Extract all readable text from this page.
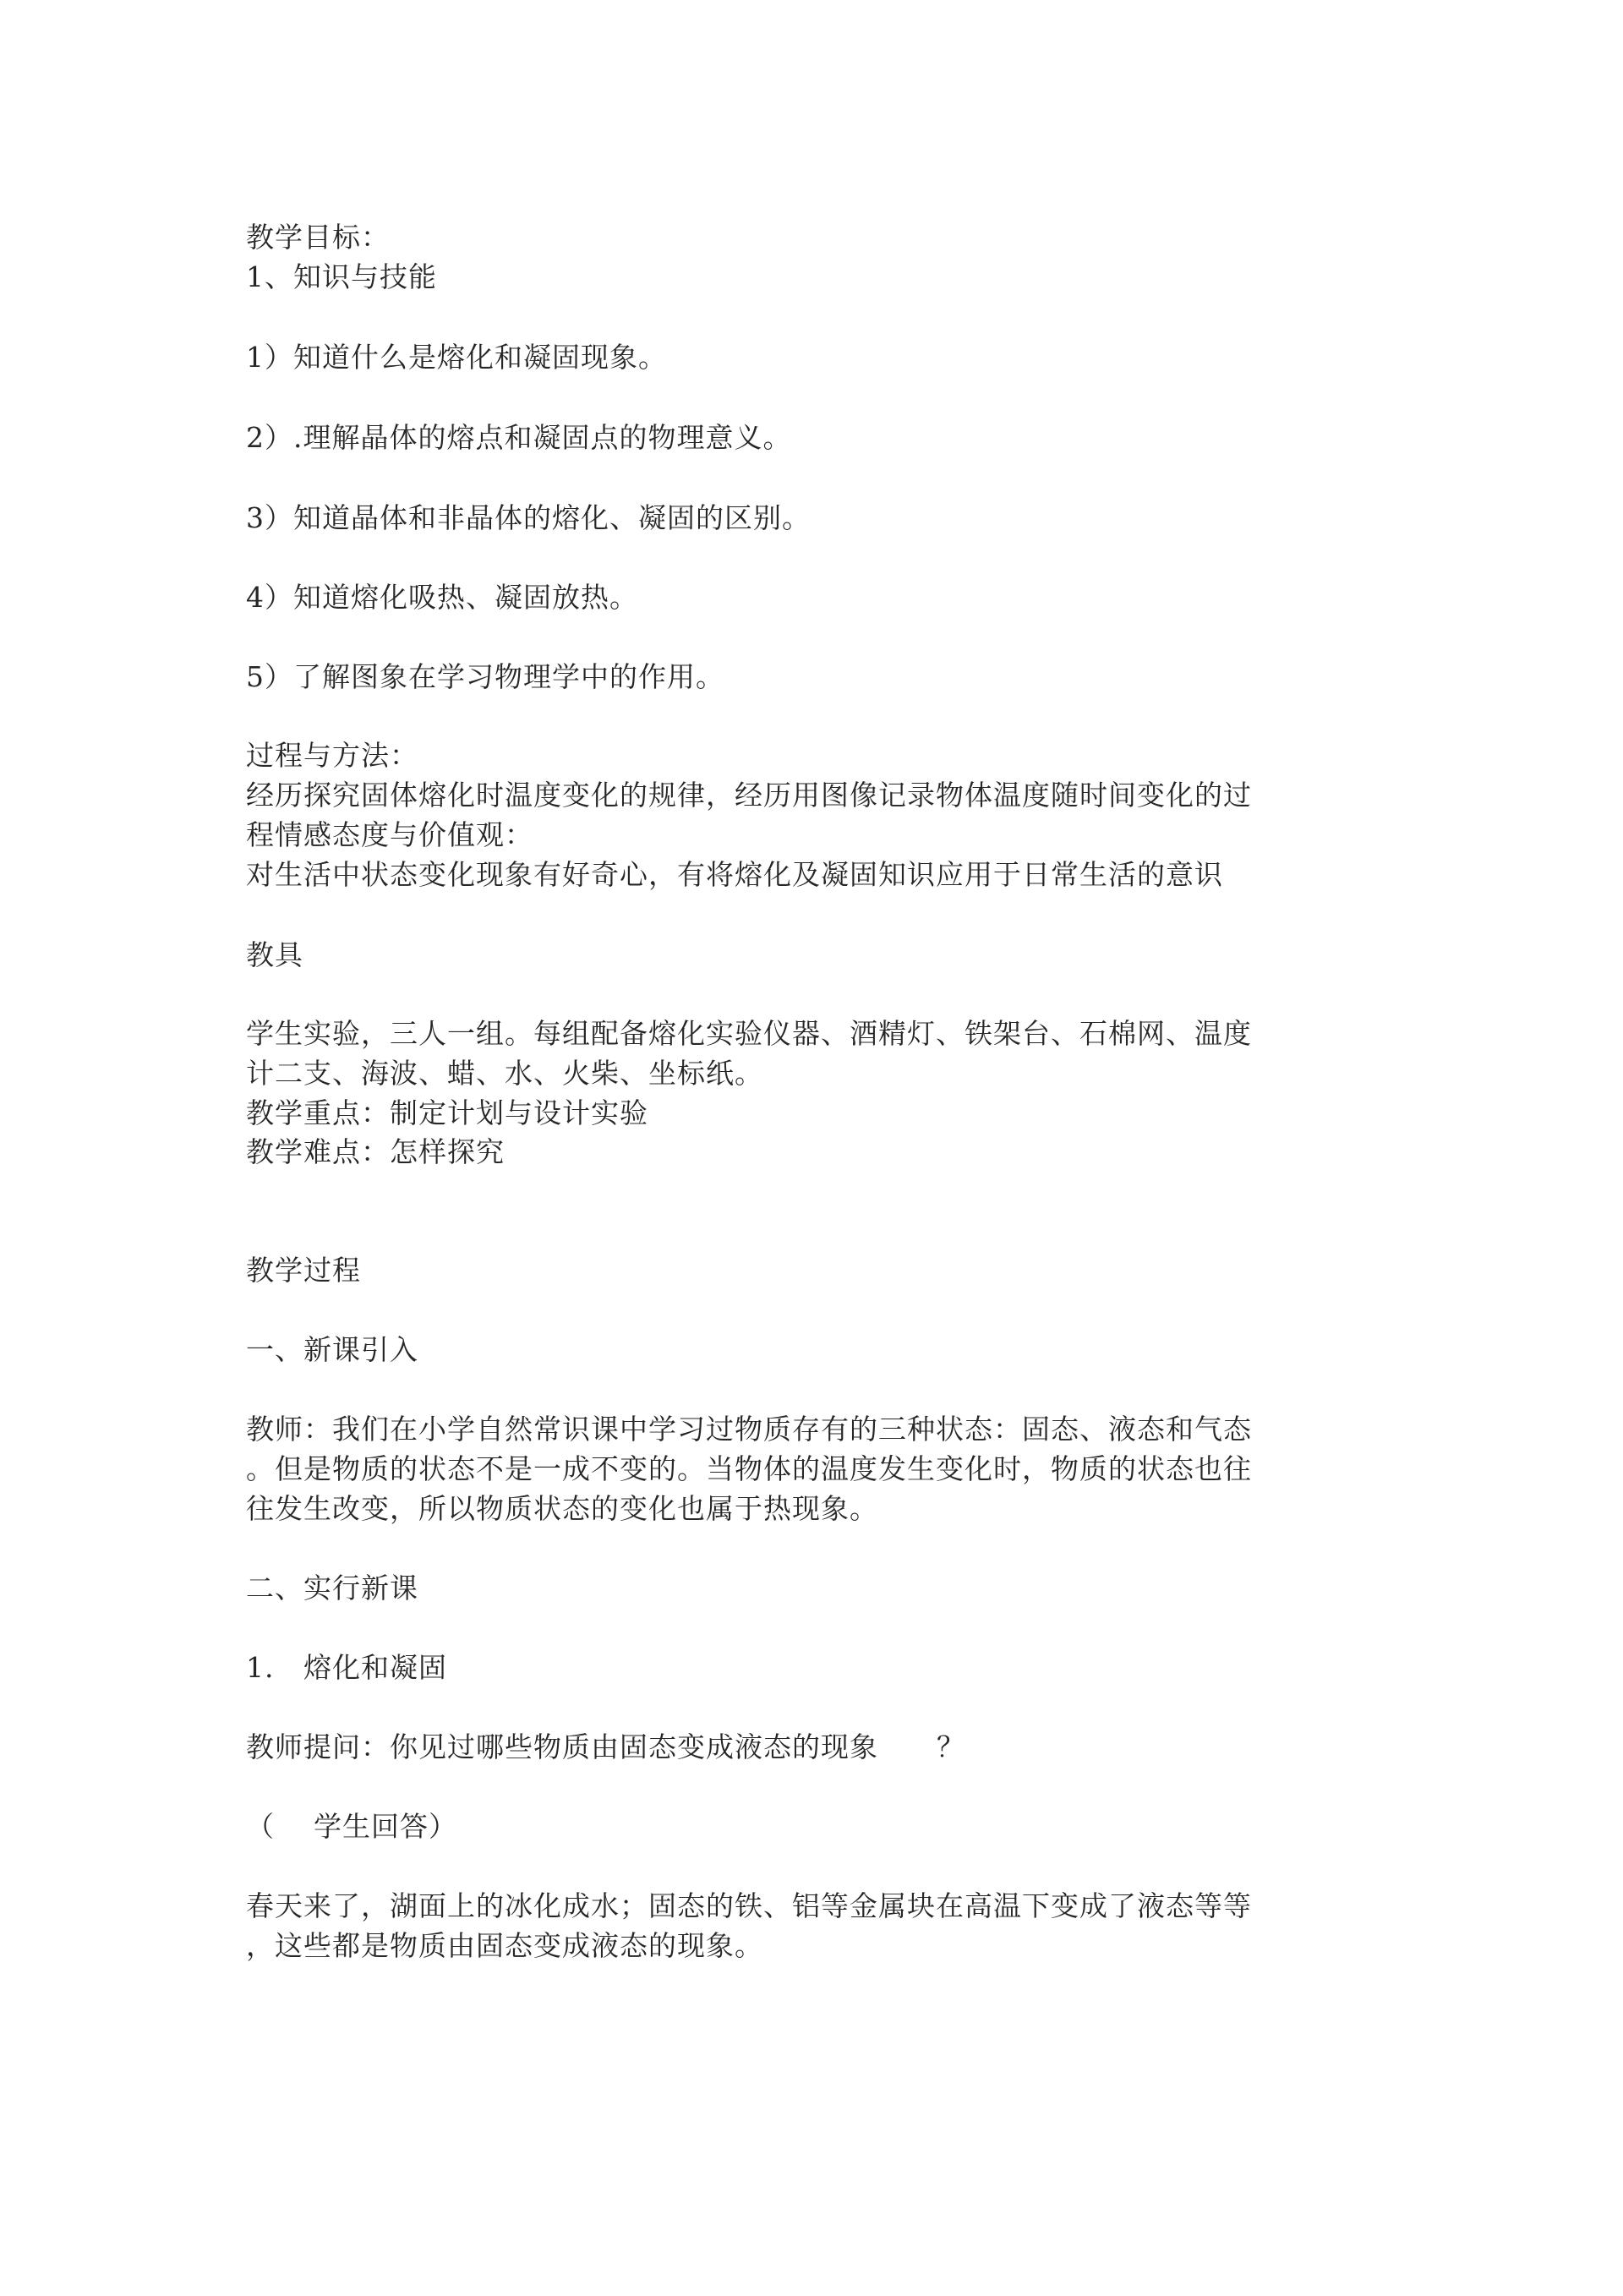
教学目标：
1、知识与技能
1）知道什么是熔化和凝固现象。
2）.理解晶体的熔点和凝固点的物理意义。
3）知道晶体和非晶体的熔化、凝固的区别。
4）知道熔化吸热、凝固放热。
5）了解图象在学习物理学中的作用。
过程与方法：
经历探究固体熔化时温度变化的规律，经历用图像记录物体温度随时间变化的过
程情感态度与价值观：
对生活中状态变化现象有好奇心，有将熔化及凝固知识应用于日常生活的意识
教具
学生实验，三人一组。每组配备熔化实验仪器、酒精灯、铁架台、石棉网、温度
计二支、海波、蜡、水、火柴、坐标纸。
教学重点：制定计划与设计实验
教学难点：怎样探究
教学过程
一、新课引入
教师：我们在小学自然常识课中学习过物质存有的三种状态：固态、液态和气态
。但是物质的状态不是一成不变的。当物体的温度发生变化时，物质的状态也往
往发生改变，所以物质状态的变化也属于热现象。
二、实行新课
1.   熔化和凝固
教师提问：你见过哪些物质由固态变成液态的现象      ？
（    学生回答）
春天来了，湖面上的冰化成水；固态的铁、铝等金属块在高温下变成了液态等等
，这些都是物质由固态变成液态的现象。
